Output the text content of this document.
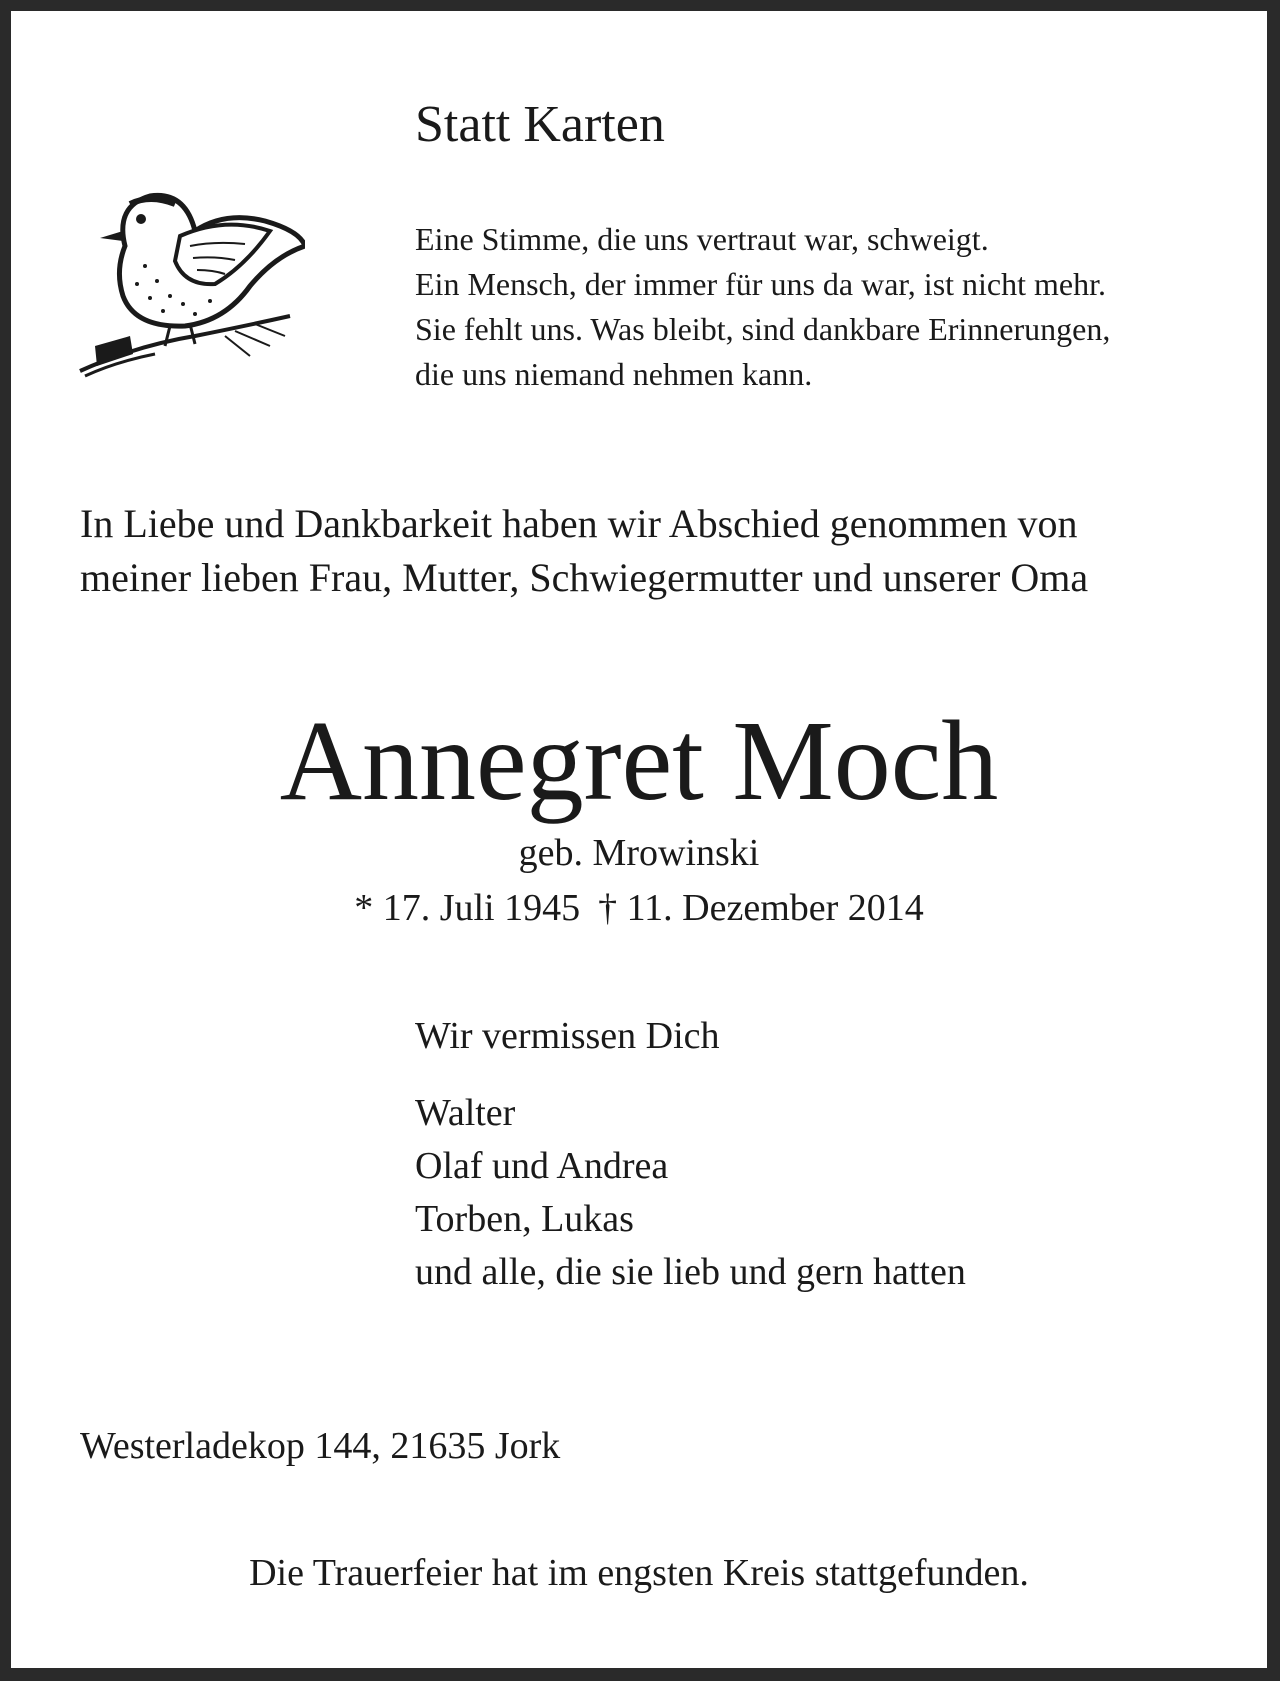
Statt Karten
Eine Stimme, die uns vertraut war, schweigt.
Ein Mensch, der immer für uns da war, ist nicht mehr.
Sie fehlt uns. Was bleibt, sind dankbare Erinnerungen,
die uns niemand nehmen kann.
In Liebe und Dankbarkeit haben wir Abschied genommen von
meiner lieben Frau, Mutter, Schwiegermutter und unserer Oma
Annegret Moch
geb. Mrowinski
* 17. Juli 1945 † 11. Dezember 2014
Wir vermissen Dich
Walter
Olaf und Andrea
Torben, Lukas
und alle, die sie lieb und gern hatten
Westerladekop 144, 21635 Jork
Die Trauerfeier hat im engsten Kreis stattgefunden.
